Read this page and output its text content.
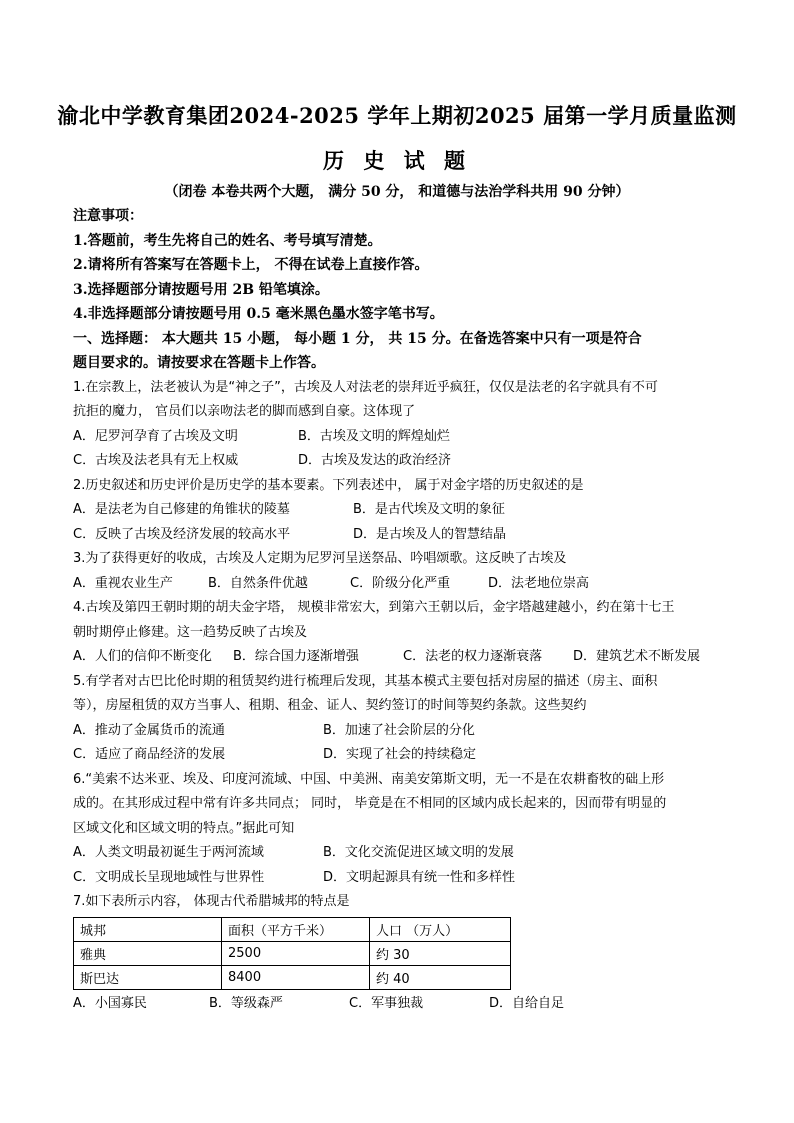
渝北中学教育集团2024-2025 学年上期初2025 届第一学月质量监测
历 史 试 题
（闭卷 本卷共两个大题， 满分 50 分， 和道德与法治学科共用 90 分钟）
注意事项：
1.答题前，考生先将自己的姓名、考号填写清楚。
2.请将所有答案写在答题卡上， 不得在试卷上直接作答。
3.选择题部分请按题号用 2B 铅笔填涂。
4.非选择题部分请按题号用 0.5 毫米黑色墨水签字笔书写。
一、选择题： 本大题共 15 小题， 每小题 1 分， 共 15 分。在备选答案中只有一项是符合
题目要求的。请按要求在答题卡上作答。
1.在宗教上，法老被认为是“神之子”，古埃及人对法老的崇拜近乎疯狂，仅仅是法老的名字就具有不可
抗拒的魔力， 官员们以亲吻法老的脚而感到自豪。这体现了
A．尼罗河孕育了古埃及文明	B．古埃及文明的辉煌灿烂
C．古埃及法老具有无上权威	D．古埃及发达的政治经济
2.历史叙述和历史评价是历史学的基本要素。下列表述中， 属于对金字塔的历史叙述的是
A．是法老为自己修建的角锥状的陵墓	B．是古代埃及文明的象征
C．反映了古埃及经济发展的较高水平	D．是古埃及人的智慧结晶
3.为了获得更好的收成，古埃及人定期为尼罗河呈送祭品、吟唱颂歌。这反映了古埃及
A．重视农业生产	B．自然条件优越	C．阶级分化严重	D．法老地位崇高
4.古埃及第四王朝时期的胡夫金字塔， 规模非常宏大，到第六王朝以后，金字塔越建越小，约在第十七王
朝时期停止修建。这一趋势反映了古埃及
A．人们的信仰不断变化	B．综合国力逐渐增强	C．法老的权力逐渐衰落	D．建筑艺术不断发展
5.有学者对古巴比伦时期的租赁契约进行梳理后发现，其基本模式主要包括对房屋的描述（房主、面积
等），房屋租赁的双方当事人、租期、租金、证人、契约签订的时间等契约条款。这些契约
A．推动了金属货币的流通	B．加速了社会阶层的分化
C．适应了商品经济的发展	D．实现了社会的持续稳定
6.“美索不达米亚、埃及、印度河流域、中国、中美洲、南美安第斯文明，无一不是在农耕畜牧的础上形
成的。在其形成过程中常有许多共同点； 同时， 毕竟是在不相同的区域内成长起来的，因而带有明显的
区域文化和区域文明的特点。”据此可知
A．人类文明最初诞生于两河流域	B．文化交流促进区域文明的发展
C．文明成长呈现地域性与世界性	D．文明起源具有统一性和多样性
7.如下表所示内容， 体现古代希腊城邦的特点是
城邦	面积（平方千米）	人口 （万人）
雅典	2500	约 30
斯巴达	8400	约 40
A．小国寡民	B．等级森严	C．军事独裁	D．自给自足
